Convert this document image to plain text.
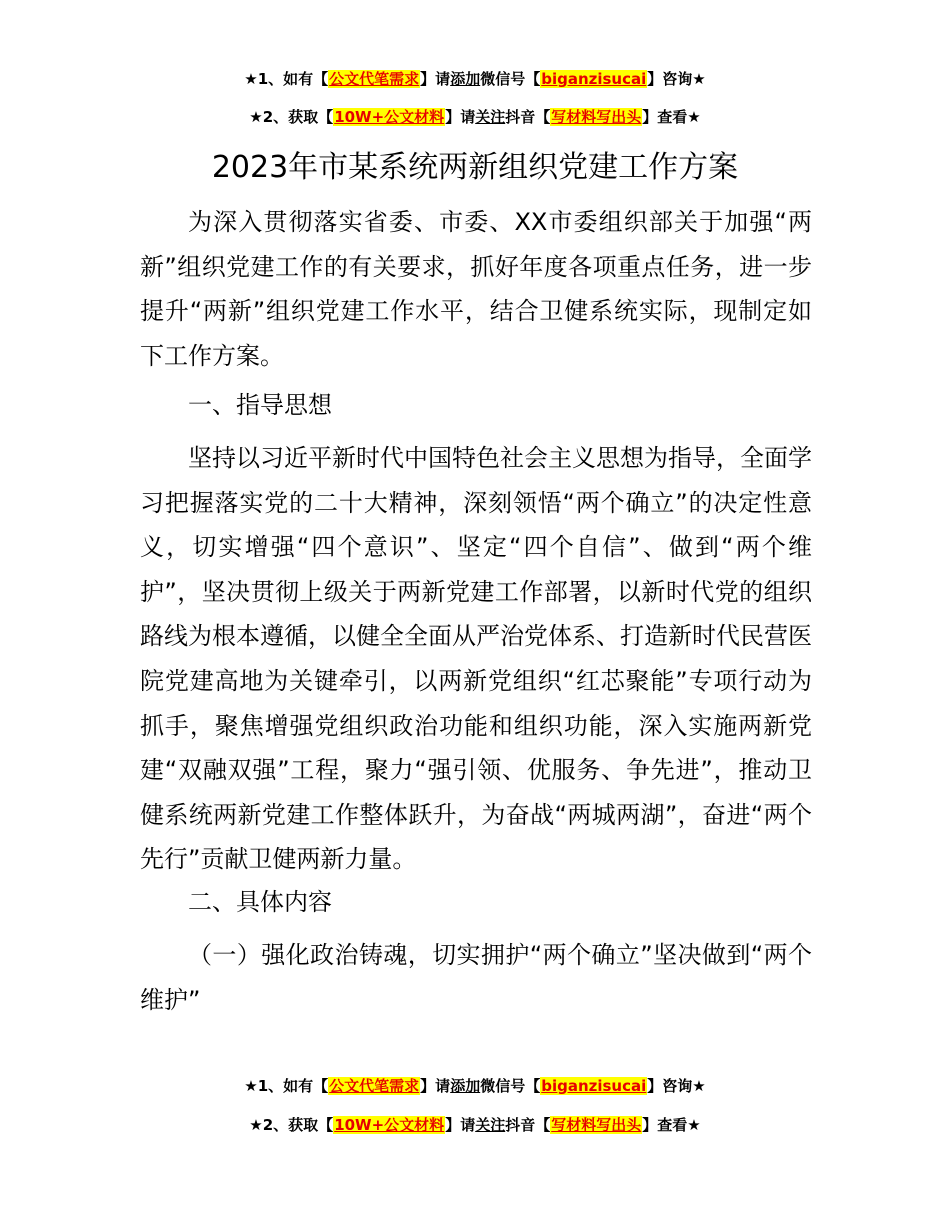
★1、如有【公文代笔需求】请添加微信号【biganzisucai】咨询★
★2、获取【10W+公文材料】请关注抖音【写材料写出头】查看★
2023年市某系统两新组织党建工作方案

为深入贯彻落实省委、市委、XX市委组织部关于加强“两新”组织党建工作的有关要求，抓好年度各项重点任务，进一步提升“两新”组织党建工作水平，结合卫健系统实际，现制定如下工作方案。

一、指导思想

坚持以习近平新时代中国特色社会主义思想为指导，全面学习把握落实党的二十大精神，深刻领悟“两个确立”的决定性意义，切实增强“四个意识”、坚定“四个自信”、做到“两个维护”，坚决贯彻上级关于两新党建工作部署，以新时代党的组织路线为根本遵循，以健全全面从严治党体系、打造新时代民营医院党建高地为关键牵引，以两新党组织“红芯聚能”专项行动为抓手，聚焦增强党组织政治功能和组织功能，深入实施两新党建“双融双强”工程，聚力“强引领、优服务、争先进”，推动卫健系统两新党建工作整体跃升，为奋战“两城两湖”，奋进“两个先行”贡献卫健两新力量。

二、具体内容

（一）强化政治铸魂，切实拥护“两个确立”坚决做到“两个维护”

★1、如有【公文代笔需求】请添加微信号【biganzisucai】咨询★
★2、获取【10W+公文材料】请关注抖音【写材料写出头】查看★
